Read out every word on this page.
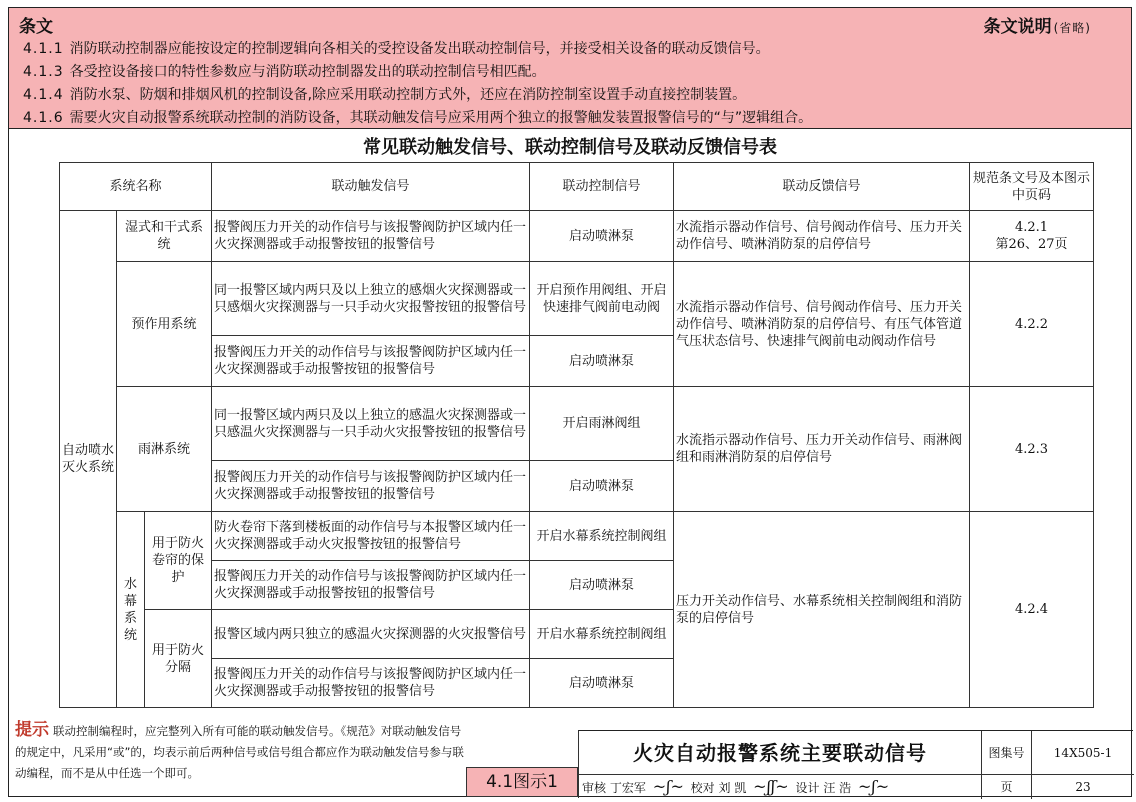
条文	条文说明 (省略)
4.1.1 消防联动控制器应能按设定的控制逻辑向各相关的受控设备发出联动控制信号，并接受相关设备的联动反馈信号。
4.1.3 各受控设备接口的特性参数应与消防联动控制器发出的联动控制信号相匹配。
4.1.4 消防水泵、防烟和排烟风机的控制设备,除应采用联动控制方式外，还应在消防控制室设置手动直接控制装置。
4.1.6 需要火灾自动报警系统联动控制的消防设备，其联动触发信号应采用两个独立的报警触发装置报警信号的“与”逻辑组合。
常见联动触发信号、联动控制信号及联动反馈信号表
系统名称			联动触发信号	联动控制信号	联动反馈信号	规范条文号及本图示中页码
自动喷水灭火系统	湿式和干式系统		报警阀压力开关的动作信号与该报警阀防护区域内任一火灾探测器或手动报警按钮的报警信号	启动喷淋泵	水流指示器动作信号、信号阀动作信号、压力开关动作信号、喷淋消防泵的启停信号	4.2.1
第26、27页

	预作用系统		同一报警区域内两只及以上独立的感烟火灾探测器或一只感烟火灾探测器与一只手动火灾报警按钮的报警信号	开启预作用阀组、开启快速排气阀前电动阀	水流指示器动作信号、信号阀动作信号、压力开关动作信号、喷淋消防泵的启停信号、有压气体管道气压状态信号、快速排气阀前电动阀动作信号	4.2.2
			报警阀压力开关的动作信号与该报警阀防护区域内任一火灾探测器或手动报警按钮的报警信号	启动喷淋泵		
	雨淋系统		同一报警区域内两只及以上独立的感温火灾探测器或一只感温火灾探测器与一只手动火灾报警按钮的报警信号	开启雨淋阀组	水流指示器动作信号、压力开关动作信号、雨淋阀组和雨淋消防泵的启停信号	4.2.3
			报警阀压力开关的动作信号与该报警阀防护区域内任一火灾探测器或手动报警按钮的报警信号	启动喷淋泵		
	水幕系统	用于防火卷帘的保护	防火卷帘下落到楼板面的动作信号与本报警区域内任一火灾探测器或手动火灾报警按钮的报警信号	开启水幕系统控制阀组	压力开关动作信号、水幕系统相关控制阀组和消防泵的启停信号	4.2.4
			报警阀压力开关的动作信号与该报警阀防护区域内任一火灾探测器或手动报警按钮的报警信号	启动喷淋泵		
		用于防火分隔	报警区域内两只独立的感温火灾探测器的火灾报警信号	开启水幕系统控制阀组		
			报警阀压力开关的动作信号与该报警阀防护区域内任一火灾探测器或手动报警按钮的报警信号	启动喷淋泵		
提示 联动控制编程时，应完整列入所有可能的联动触发信号。《规范》对联动触发信号的规定中，凡采用“或”的，均表示前后两种信号或信号组合都应作为联动触发信号参与联动编程，而不是从中任选一个即可。	4.1图示1
火灾自动报警系统主要联动信号	图集号	14X505-1
页	23
审核 丁宏军 ~ʃ~ 校对 刘 凯 ~ʃʃ~ 设计 汪 浩 ~ʃ~
